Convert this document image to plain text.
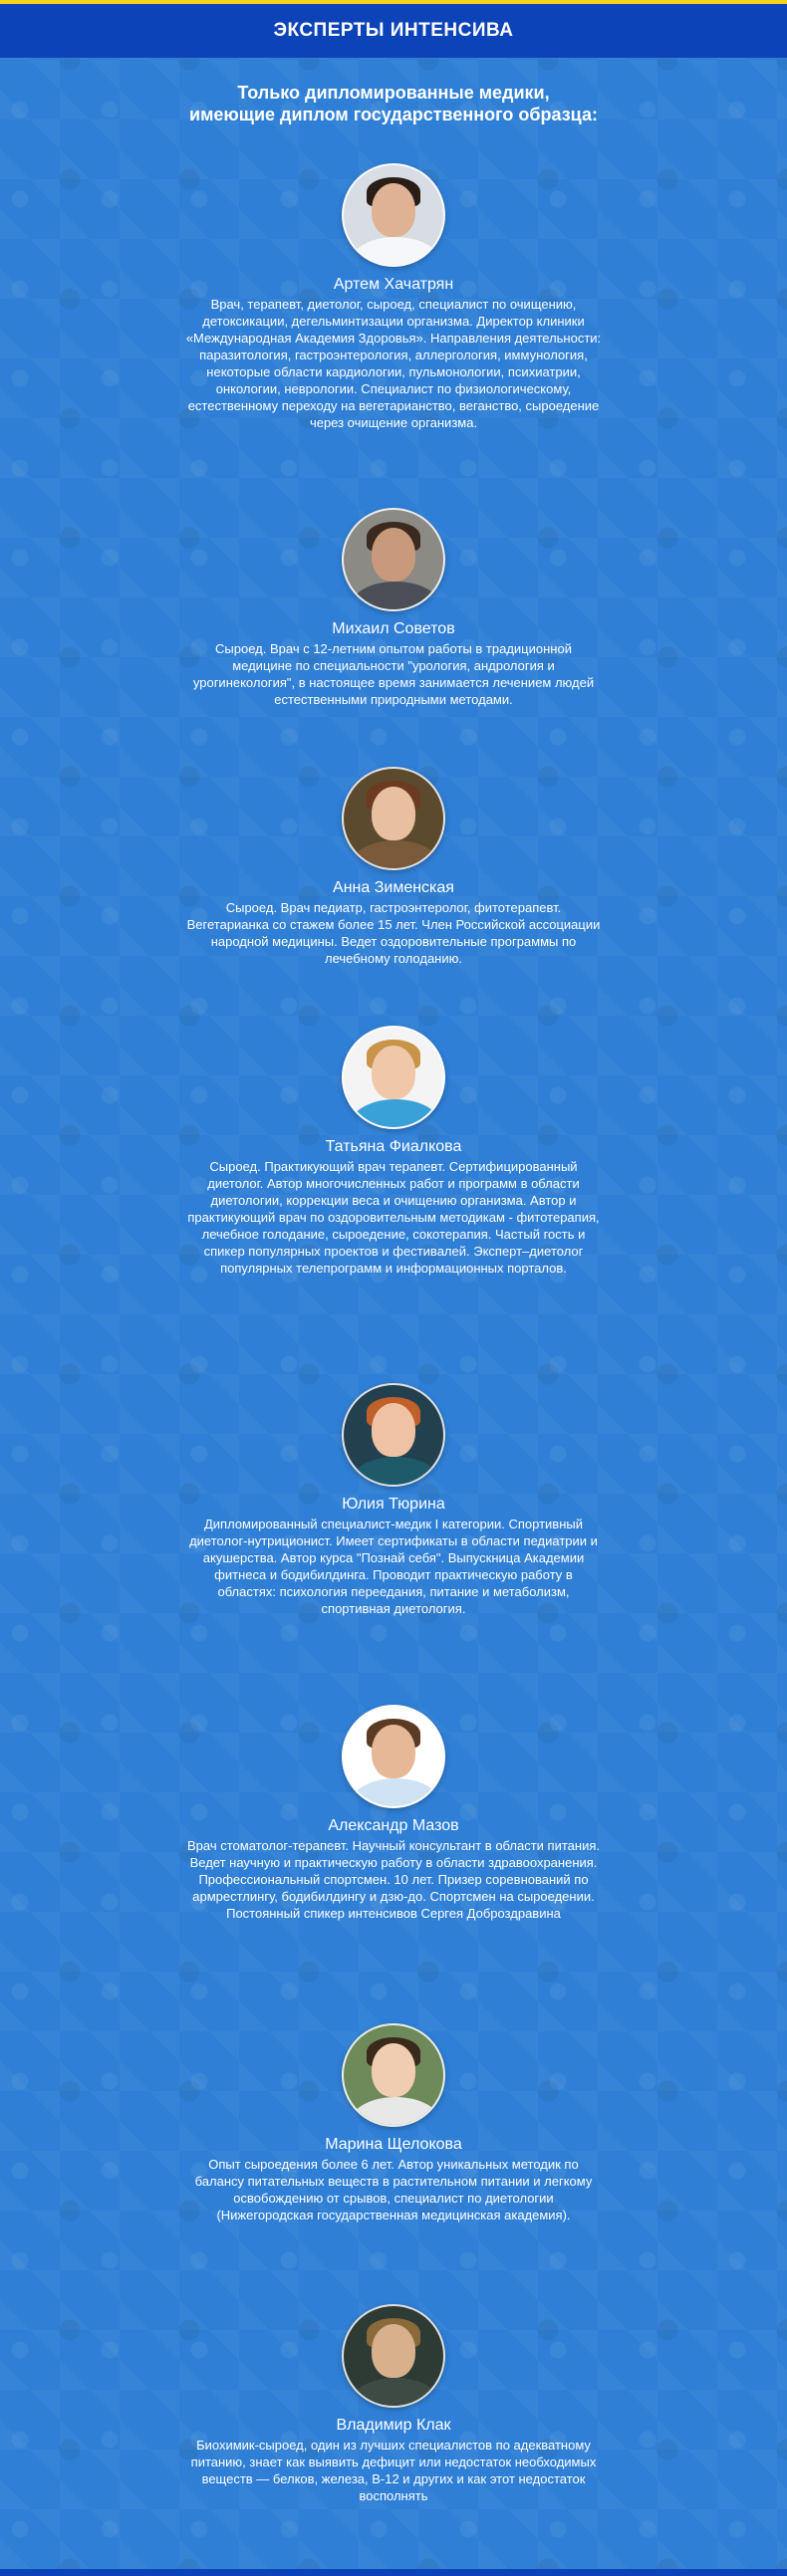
ЭКСПЕРТЫ ИНТЕНСИВА
Только дипломированные медики,
имеющие диплом государственного образца:
Артем Хачатрян
Врач, терапевт, диетолог, сыроед, специалист по очищению, детоксикации, дегельминтизации организма. Директор клиники «Международная Академия Здоровья». Направления деятельности: паразитология, гастроэнтерология, аллергология, иммунология, некоторые области кардиологии, пульмонологии, психиатрии, онкологии, неврологии. Специалист по физиологическому, естественному переходу на вегетарианство, веганство, сыроедение через очищение организма.
Михаил Советов
Сыроед. Врач с 12-летним опытом работы в традиционной медицине по специальности "урология, андрология и урогинекология", в настоящее время занимается лечением людей естественными природными методами.
Анна Зименская
Сыроед. Врач педиатр, гастроэнтеролог, фитотерапевт. Вегетарианка со стажем более 15 лет. Член Российской ассоциации народной медицины. Ведет оздоровительные программы по лечебному голоданию.
Татьяна Фиалкова
Сыроед. Практикующий врач терапевт. Сертифицированный диетолог. Автор многочисленных работ и программ в области диетологии, коррекции веса и очищению организма. Автор и практикующий врач по оздоровительным методикам - фитотерапия, лечебное голодание, сыроедение, сокотерапия. Частый гость и спикер популярных проектов и фестивалей. Эксперт–диетолог популярных телепрограмм и информационных порталов.
Юлия Тюрина
Дипломированный специалист-медик I категории. Спортивный диетолог-нутриционист. Имеет сертификаты в области педиатрии и акушерства. Автор курса "Познай себя". Выпускница Академии фитнеса и бодибилдинга. Проводит практическую работу в областях: психология переедания, питание и метаболизм, спортивная диетология.
Александр Мазов
Врач стоматолог-терапевт. Научный консультант в области питания. Ведет научную и практическую работу в области здравоохранения. Профессиональный спортсмен. 10 лет. Призер соревнований по армрестлингу, бодибилдингу и дзю-до. Спортсмен на сыроедении. Постоянный спикер интенсивов Сергея Доброздравина
Марина Щелокова
Опыт сыроедения более 6 лет. Автор уникальных методик по балансу питательных веществ в растительном питании и легкому освобождению от срывов, специалист по диетологии (Нижегородская государственная медицинская академия).
Владимир Клак
Биохимик-сыроед, один из лучших специалистов по адекватному питанию, знает как выявить дефицит или недостаток необходимых веществ — белков, железа, B-12 и других и как этот недостаток восполнять
